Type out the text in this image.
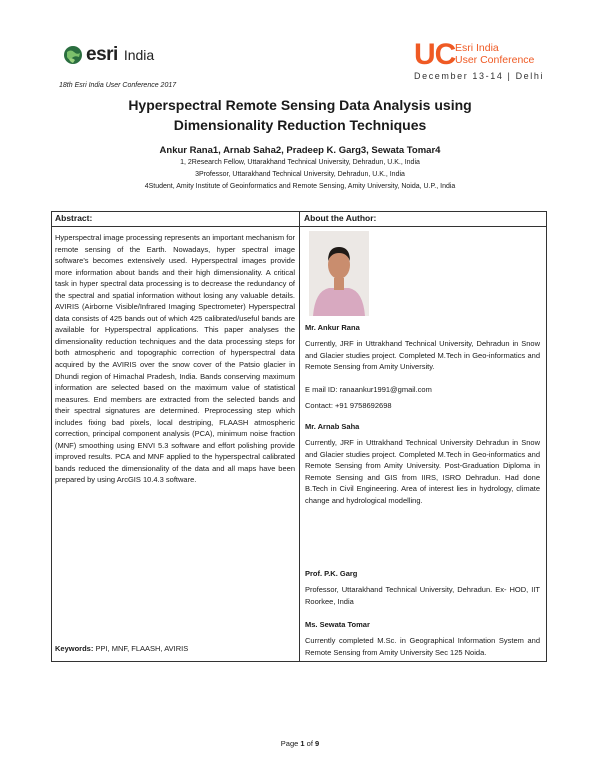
esri India	UC Esri India
User Conference
December 13-14 | Delhi
18th Esri India User Conference 2017
Hyperspectral Remote Sensing Data Analysis using
Dimensionality Reduction Techniques
Ankur Rana1, Arnab Saha2, Pradeep K. Garg3, Sewata Tomar4
1, 2Research Fellow, Uttarakhand Technical University, Dehradun, U.K., India
3Professor, Uttarakhand Technical University, Dehradun, U.K., India
4Student, Amity Institute of Geoinformatics and Remote Sensing, Amity University, Noida, U.P., India
Abstract:	About the Author:
Hyperspectral image processing represents an important mechanism for remote sensing of the Earth. Nowadays, hyper spectral image software's becomes extensively used. Hyperspectral images provide more information about bands and their high dimensionality. A critical task in hyper spectral data processing is to decrease the redundancy of the spectral and spatial information without losing any valuable details. AVIRIS (Airborne Visible/Infrared Imaging Spectrometer) Hyperspectral data consists of 425 bands out of which 425 calibrated/useful bands are available for Hyperspectral applications. This paper analyses the dimensionality reduction techniques and the data processing steps for both atmospheric and topographic correction of hyperspectral data acquired by the AVIRIS over the snow cover of the Patsio glacier in Dhundi region of Himachal Pradesh, India. Bands conserving maximum information are selected based on the maximum value of statistical measures. End members are extracted from the selected bands and their spectral signatures are determined. Preprocessing step which includes fixing bad pixels, local destriping, FLAASH atmospheric correction, principal component analysis (PCA), minimum noise fraction (MNF) smoothing using ENVI 5.3 software and effort polishing provide improved results. PCA and MNF applied to the hyperspectral calibrated bands reduced the dimensionality of the data and all maps have been prepared by using ArcGIS 10.4.3 software.
Keywords: PPI, MNF, FLAASH, AVIRIS
Mr. Ankur Rana
Currently, JRF in Uttrakhand Technical University, Dehradun in Snow and Glacier studies project. Completed M.Tech in Geo-informatics and Remote Sensing from Amity University.
E mail ID: ranaankur1991@gmail.com
Contact: +91 9758692698
Mr. Arnab Saha
Currently, JRF in Uttrakhand Technical University Dehradun in Snow and Glacier studies project. Completed M.Tech in Geo-informatics and Remote Sensing from Amity University. Post-Graduation Diploma in Remote Sensing and GIS from IIRS, ISRO Dehradun. Had done B.Tech in Civil Engineering. Area of interest lies in hydrology, climate change and hydrological modelling.
Prof. P.K. Garg
Professor, Uttarakhand Technical University, Dehradun. Ex- HOD, IIT Roorkee, India
Ms. Sewata Tomar
Currently completed M.Sc. in Geographical Information System and Remote Sensing from Amity University Sec 125 Noida.
Page 1 of 9
